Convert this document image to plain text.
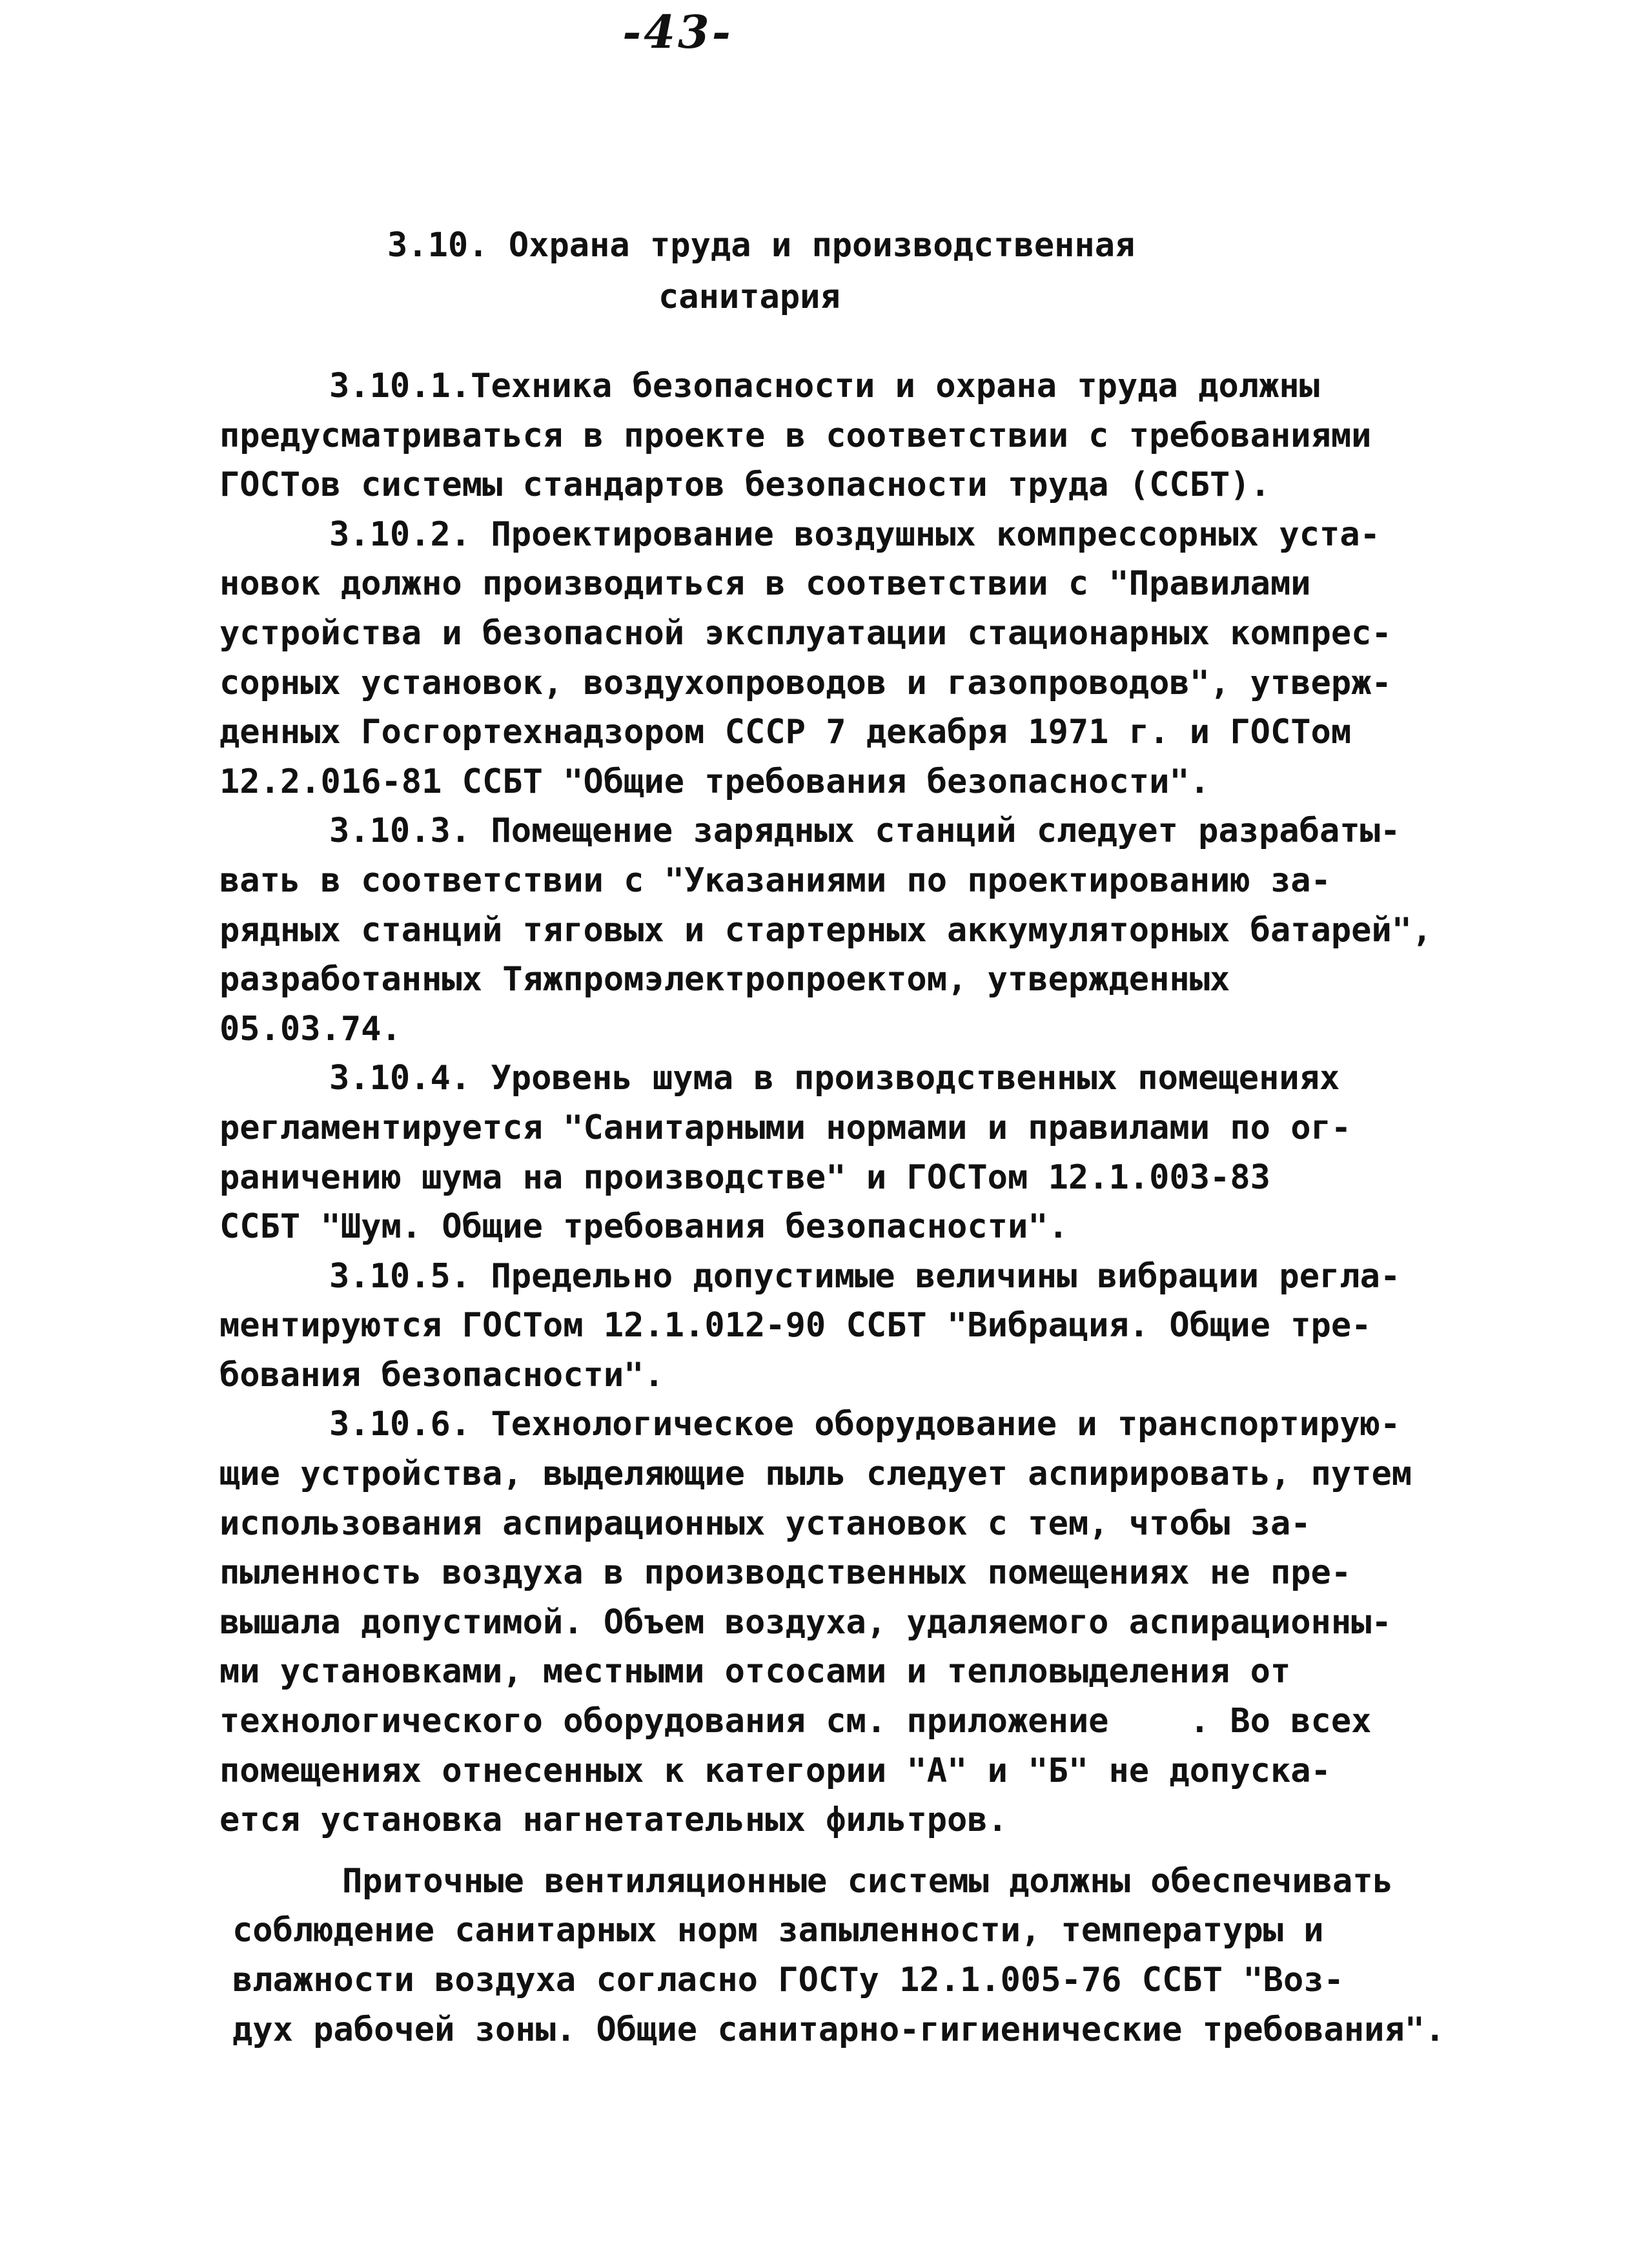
-43-
3.10. Охрана труда и производственная
санитария

3.10.1.Техника безопасности и охрана труда должны
предусматриваться в проекте в соответствии с требованиями
ГОСТов системы стандартов безопасности труда (ССБТ).

3.10.2. Проектирование воздушных компрессорных уста-
новок должно производиться в соответствии с "Правилами
устройства и безопасной эксплуатации стационарных компрес-
сорных установок, воздухопроводов и газопроводов", утверж-
денных Госгортехнадзором СССР 7 декабря 1971 г. и ГОСТом
12.2.016-81 ССБТ "Общие требования безопасности".

3.10.3. Помещение зарядных станций следует разрабаты-
вать в соответствии с "Указаниями по проектированию за-
рядных станций тяговых и стартерных аккумуляторных батарей",
разработанных Тяжпромэлектропроектом, утвержденных
05.03.74.

3.10.4. Уровень шума в производственных помещениях
регламентируется "Санитарными нормами и правилами по ог-
раничению шума на производстве" и ГОСТом 12.1.003-83
ССБТ "Шум. Общие требования безопасности".

3.10.5. Предельно допустимые величины вибрации регла-
ментируются ГОСТом 12.1.012-90 ССБТ "Вибрация. Общие тре-
бования безопасности".

3.10.6. Технологическое оборудование и транспортирую-
щие устройства, выделяющие пыль следует аспирировать, путем
использования аспирационных установок с тем, чтобы за-
пыленность воздуха в производственных помещениях не пре-
вышала допустимой. Объем воздуха, удаляемого аспирационны-
ми установками, местными отсосами и тепловыделения от
технологического оборудования см. приложение    . Во всех
помещениях отнесенных к категории "А" и "Б" не допуска-
ется установка нагнетательных фильтров.

Приточные вентиляционные системы должны обеспечивать
соблюдение санитарных норм запыленности, температуры и
влажности воздуха согласно ГОСТу 12.1.005-76 ССБТ "Воз-
дух рабочей зоны. Общие санитарно-гигиенические требования".
